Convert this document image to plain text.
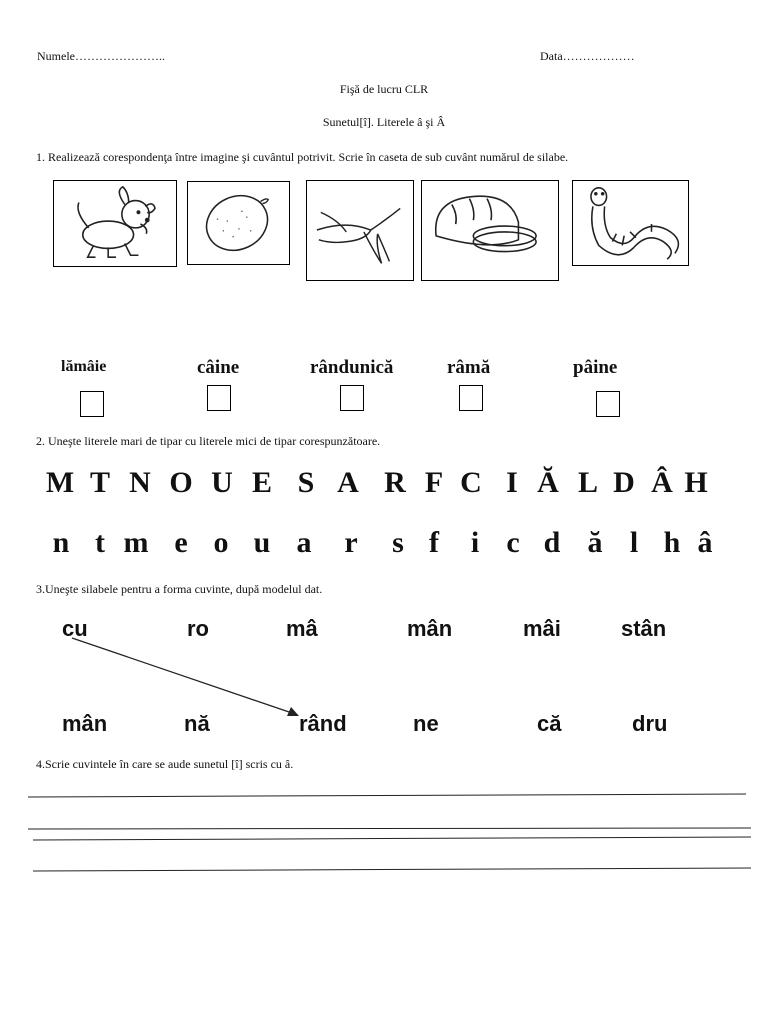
Numele…………………..	Data………………
Fişă de lucru CLR
Sunetul[î]. Literele â şi Â
1. Realizează corespondenţa între imagine şi cuvântul potrivit. Scrie în caseta de sub cuvânt numărul de silabe.
lămâie	câine	rândunică	râmă	pâine
2. Uneşte literele mari de tipar cu literele mici de tipar corespunzătoare.
M T N O U E S A R F C I Ă L D Â H
n t m e o u a r s f i c d ă l h â
3.Uneşte silabele pentru a forma cuvinte, după modelul dat.
cu	ro	mâ	mân	mâi	stân
mân	nă	rând	ne	că	dru
4.Scrie cuvintele în care se aude sunetul [î] scris cu â.
